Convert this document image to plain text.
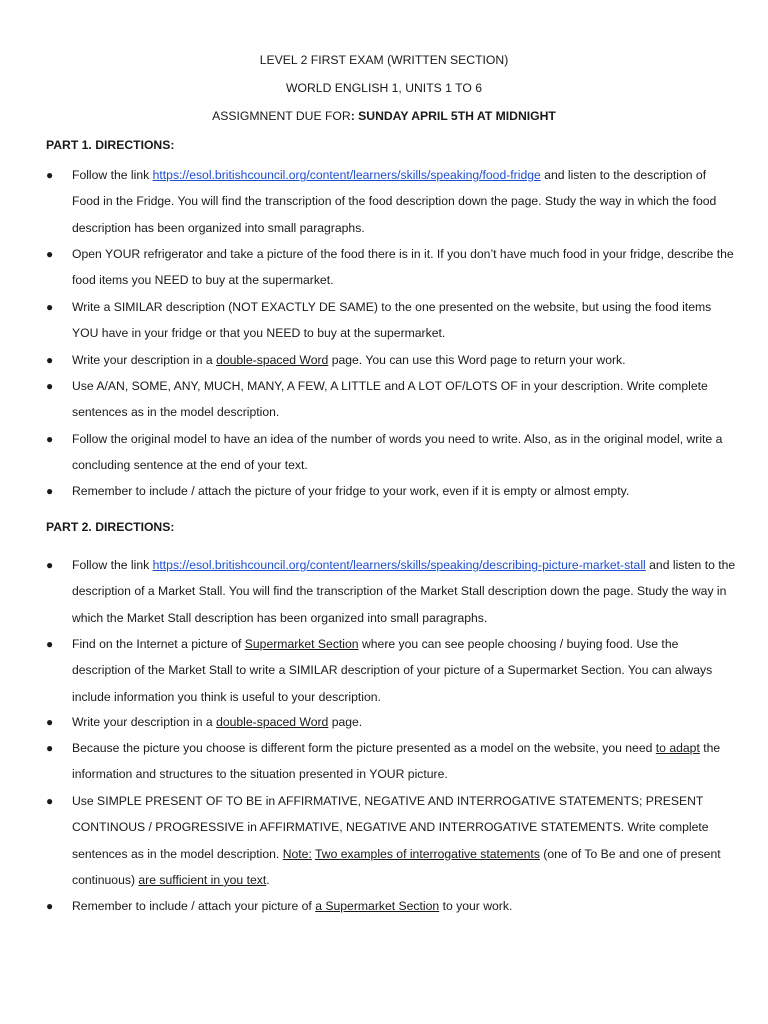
LEVEL 2 FIRST EXAM (WRITTEN SECTION)
WORLD ENGLISH 1, UNITS 1 TO 6
ASSIGMNENT DUE FOR: SUNDAY APRIL 5TH AT MIDNIGHT
PART 1. DIRECTIONS:
● Follow the link https://esol.britishcouncil.org/content/learners/skills/speaking/food-fridge and listen to the description of Food in the Fridge. You will find the transcription of the food description down the page. Study the way in which the food description has been organized into small paragraphs.
● Open YOUR refrigerator and take a picture of the food there is in it. If you don’t have much food in your fridge, describe the food items you NEED to buy at the supermarket.
● Write a SIMILAR description (NOT EXACTLY DE SAME) to the one presented on the website, but using the food items YOU have in your fridge or that you NEED to buy at the supermarket.
● Write your description in a double-spaced Word page. You can use this Word page to return your work.
● Use A/AN, SOME, ANY, MUCH, MANY, A FEW, A LITTLE and A LOT OF/LOTS OF in your description. Write complete sentences as in the model description.
● Follow the original model to have an idea of the number of words you need to write. Also, as in the original model, write a concluding sentence at the end of your text.
● Remember to include / attach the picture of your fridge to your work, even if it is empty or almost empty.
PART 2. DIRECTIONS:
● Follow the link https://esol.britishcouncil.org/content/learners/skills/speaking/describing-picture-market-stall and listen to the description of a Market Stall. You will find the transcription of the Market Stall description down the page. Study the way in which the Market Stall description has been organized into small paragraphs.
● Find on the Internet a picture of Supermarket Section where you can see people choosing / buying food. Use the description of the Market Stall to write a SIMILAR description of your picture of a Supermarket Section. You can always include information you think is useful to your description.
● Write your description in a double-spaced Word page.
● Because the picture you choose is different form the picture presented as a model on the website, you need to adapt the information and structures to the situation presented in YOUR picture.
● Use SIMPLE PRESENT OF TO BE in AFFIRMATIVE, NEGATIVE AND INTERROGATIVE STATEMENTS; PRESENT CONTINOUS / PROGRESSIVE in AFFIRMATIVE, NEGATIVE AND INTERROGATIVE STATEMENTS. Write complete sentences as in the model description. Note: Two examples of interrogative statements (one of To Be and one of present continuous) are sufficient in you text.
● Remember to include / attach your picture of a Supermarket Section to your work.
